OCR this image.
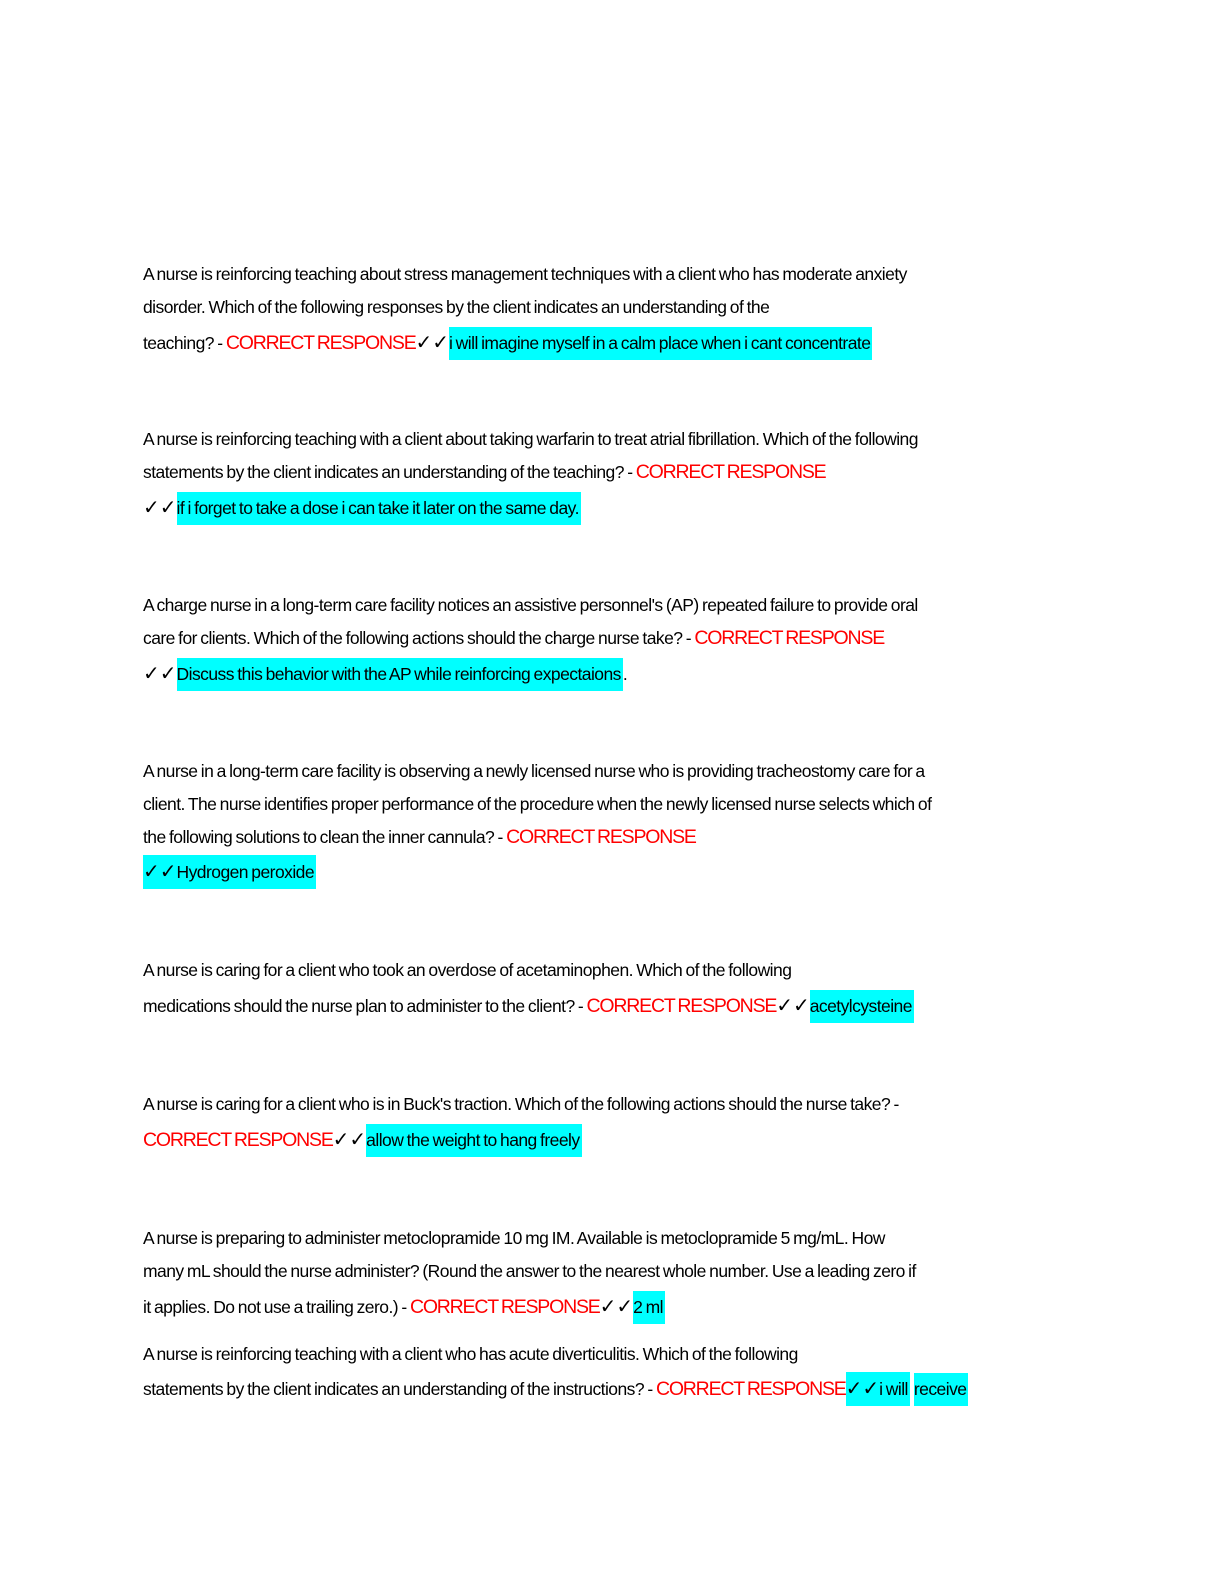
A nurse is reinforcing teaching about stress management techniques with a client who has moderate anxiety
disorder. Which of the following responses by the client indicates an understanding of the
teaching? - CORRECT RESPONSE✓✓i will imagine myself in a calm place when i cant concentrate
A nurse is reinforcing teaching with a client about taking warfarin to treat atrial fibrillation. Which of the following
statements by the client indicates an understanding of the teaching? - CORRECT RESPONSE
✓✓if i forget to take a dose i can take it later on the same day.
A charge nurse in a long-term care facility notices an assistive personnel's (AP) repeated failure to provide oral
care for clients. Which of the following actions should the charge nurse take? - CORRECT RESPONSE
✓✓Discuss this behavior with the AP while reinforcing expectaions .
A nurse in a long-term care facility is observing a newly licensed nurse who is providing tracheostomy care for a
client. The nurse identifies proper performance of the procedure when the newly licensed nurse selects which of
the following solutions to clean the inner cannula? - CORRECT RESPONSE
✓✓Hydrogen peroxide
A nurse is caring for a client who took an overdose of acetaminophen. Which of the following
medications should the nurse plan to administer to the client? - CORRECT RESPONSE✓✓acetylcysteine
A nurse is caring for a client who is in Buck's traction. Which of the following actions should the nurse take? -
CORRECT RESPONSE✓✓allow the weight to hang freely
A nurse is preparing to administer metoclopramide 10 mg IM. Available is metoclopramide 5 mg/mL. How
many mL should the nurse administer? (Round the answer to the nearest whole number. Use a leading zero if
it applies. Do not use a trailing zero.) - CORRECT RESPONSE✓✓2 ml
A nurse is reinforcing teaching with a client who has acute diverticulitis. Which of the following
statements by the client indicates an understanding of the instructions? - CORRECT RESPONSE✓✓i will receive
